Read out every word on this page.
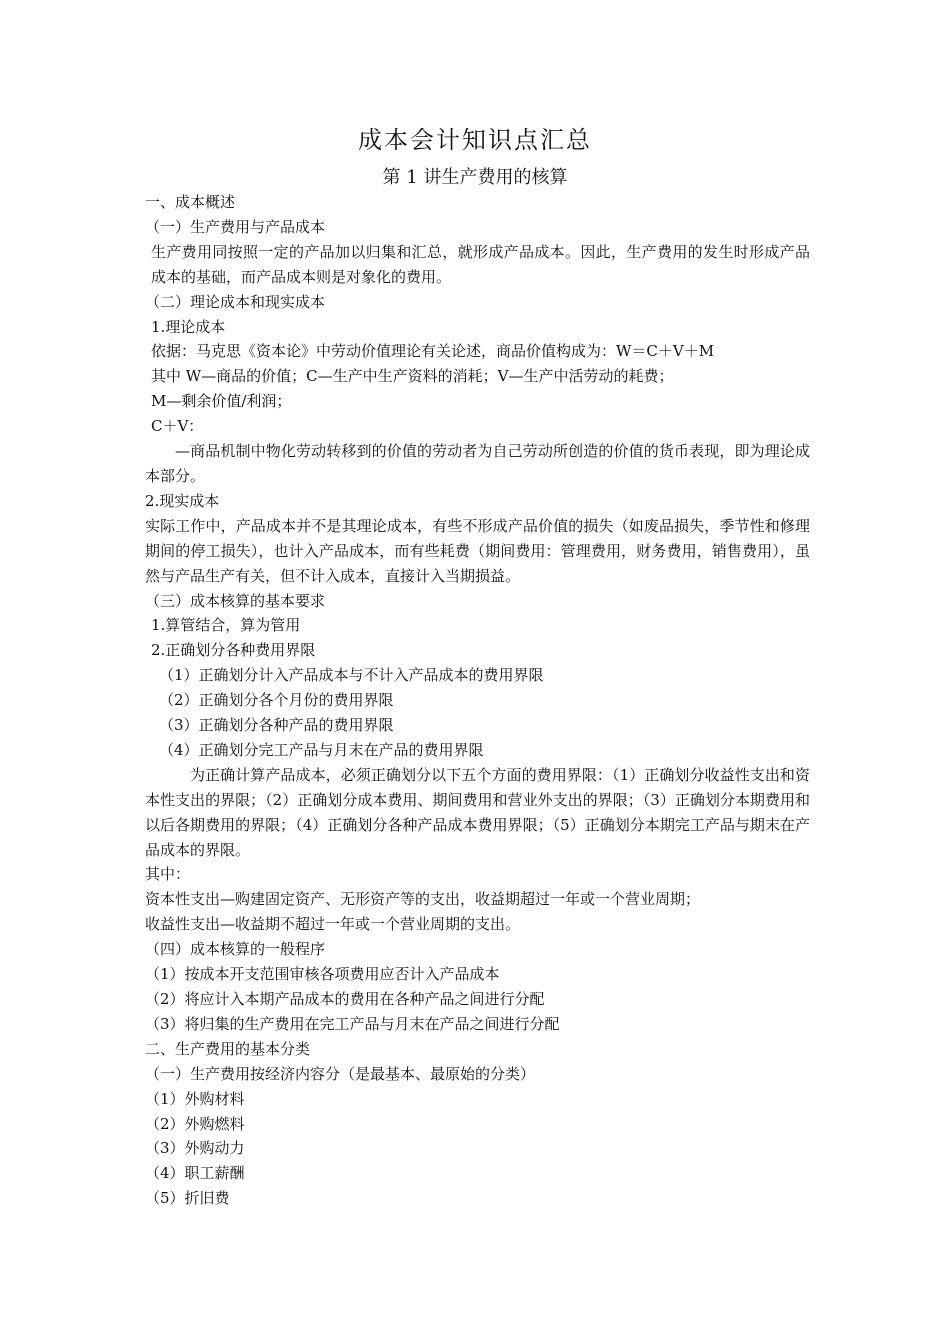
成本会计知识点汇总
第 1 讲生产费用的核算
一、成本概述
（一）生产费用与产品成本
生产费用同按照一定的产品加以归集和汇总，就形成产品成本。因此，生产费用的发生时形成产品成本的基础，而产品成本则是对象化的费用。
（二）理论成本和现实成本
1.理论成本
依据：马克思《资本论》中劳动价值理论有关论述，商品价值构成为：W＝C＋V＋M
其中 W—商品的价值；C—生产中生产资料的消耗；V—生产中活劳动的耗费；
M—剩余价值/利润；
C＋V：
—商品机制中物化劳动转移到的价值的劳动者为自己劳动所创造的价值的货币表现，即为理论成本部分。
2.现实成本
实际工作中，产品成本并不是其理论成本，有些不形成产品价值的损失（如废品损失，季节性和修理期间的停工损失），也计入产品成本，而有些耗费（期间费用：管理费用，财务费用，销售费用），虽然与产品生产有关，但不计入成本，直接计入当期损益。
（三）成本核算的基本要求
1.算管结合，算为管用
2.正确划分各种费用界限
（1）正确划分计入产品成本与不计入产品成本的费用界限
（2）正确划分各个月份的费用界限
（3）正确划分各种产品的费用界限
（4）正确划分完工产品与月末在产品的费用界限
为正确计算产品成本，必须正确划分以下五个方面的费用界限：（1）正确划分收益性支出和资本性支出的界限；（2）正确划分成本费用、期间费用和营业外支出的界限；（3）正确划分本期费用和以后各期费用的界限；（4）正确划分各种产品成本费用界限；（5）正确划分本期完工产品与期末在产品成本的界限。
其中：
资本性支出—购建固定资产、无形资产等的支出，收益期超过一年或一个营业周期；
收益性支出—收益期不超过一年或一个营业周期的支出。
（四）成本核算的一般程序
（1）按成本开支范围审核各项费用应否计入产品成本
（2）将应计入本期产品成本的费用在各种产品之间进行分配
（3）将归集的生产费用在完工产品与月末在产品之间进行分配
二、生产费用的基本分类
（一）生产费用按经济内容分（是最基本、最原始的分类）
（1）外购材料
（2）外购燃料
（3）外购动力
（4）职工薪酬
（5）折旧费
